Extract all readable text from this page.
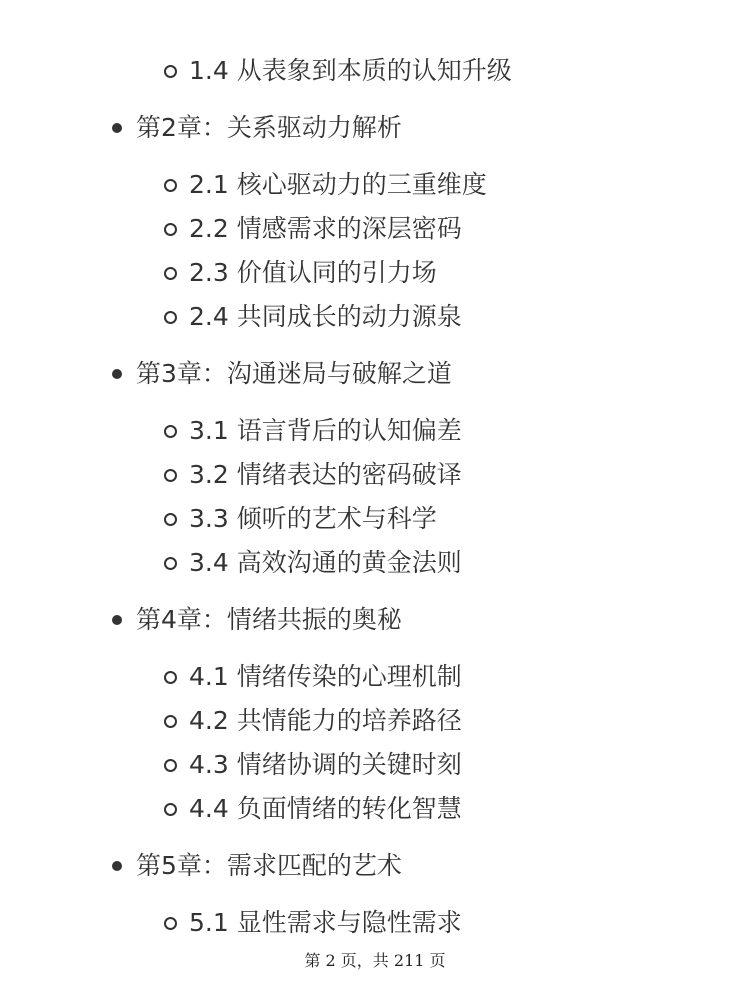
1.4 从表象到本质的认知升级
第2章：关系驱动力解析
2.1 核心驱动力的三重维度
2.2 情感需求的深层密码
2.3 价值认同的引力场
2.4 共同成长的动力源泉
第3章：沟通迷局与破解之道
3.1 语言背后的认知偏差
3.2 情绪表达的密码破译
3.3 倾听的艺术与科学
3.4 高效沟通的黄金法则
第4章：情绪共振的奥秘
4.1 情绪传染的心理机制
4.2 共情能力的培养路径
4.3 情绪协调的关键时刻
4.4 负面情绪的转化智慧
第5章：需求匹配的艺术
5.1 显性需求与隐性需求
第 2 页，共 211 页
